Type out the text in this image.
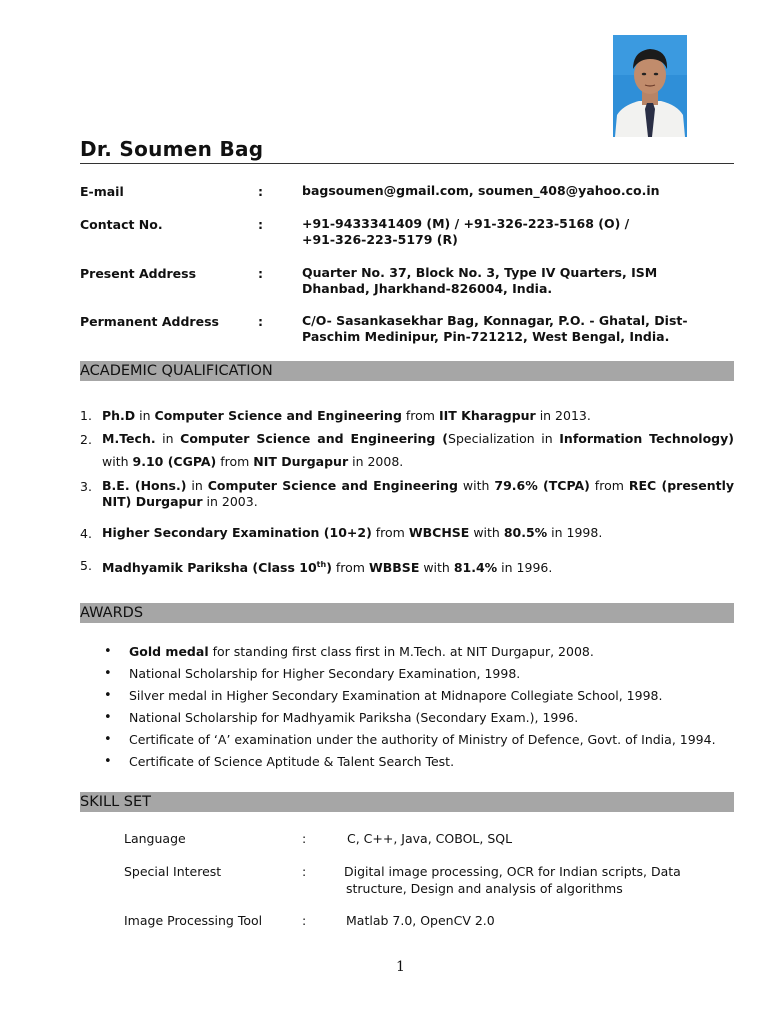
Dr. Soumen Bag
E-mail	:	bagsoumen@gmail.com, soumen_408@yahoo.co.in
Contact No.	:	+91-9433341409 (M) / +91-326-223-5168 (O) /
+91-326-223-5179 (R)
Present Address	:	Quarter No. 37, Block No. 3, Type IV Quarters, ISM
Dhanbad, Jharkhand-826004, India.
Permanent Address	:	C/O- Sasankasekhar Bag, Konnagar, P.O. - Ghatal, Dist-
Paschim Medinipur, Pin-721212, West Bengal, India.
ACADEMIC QUALIFICATION
1. Ph.D in Computer Science and Engineering from IIT Kharagpur in 2013.
2. M.Tech. in Computer Science and Engineering (Specialization in Information Technology) with 9.10 (CGPA) from NIT Durgapur in 2008.
3. B.E. (Hons.) in Computer Science and Engineering with 79.6% (TCPA) from REC (presently NIT) Durgapur in 2003.
4. Higher Secondary Examination (10+2) from WBCHSE with 80.5% in 1998.
5. Madhyamik Pariksha (Class 10th) from WBBSE with 81.4% in 1996.
AWARDS
• Gold medal for standing first class first in M.Tech. at NIT Durgapur, 2008.
• National Scholarship for Higher Secondary Examination, 1998.
• Silver medal in Higher Secondary Examination at Midnapore Collegiate School, 1998.
• National Scholarship for Madhyamik Pariksha (Secondary Exam.), 1996.
• Certificate of ‘A’ examination under the authority of Ministry of Defence, Govt. of India, 1994.
• Certificate of Science Aptitude & Talent Search Test.
SKILL SET
Language	:	C, C++, Java, COBOL, SQL
Special Interest	:	Digital image processing, OCR for Indian scripts, Data
structure, Design and analysis of algorithms
Image Processing Tool	:	Matlab 7.0, OpenCV 2.0
1
